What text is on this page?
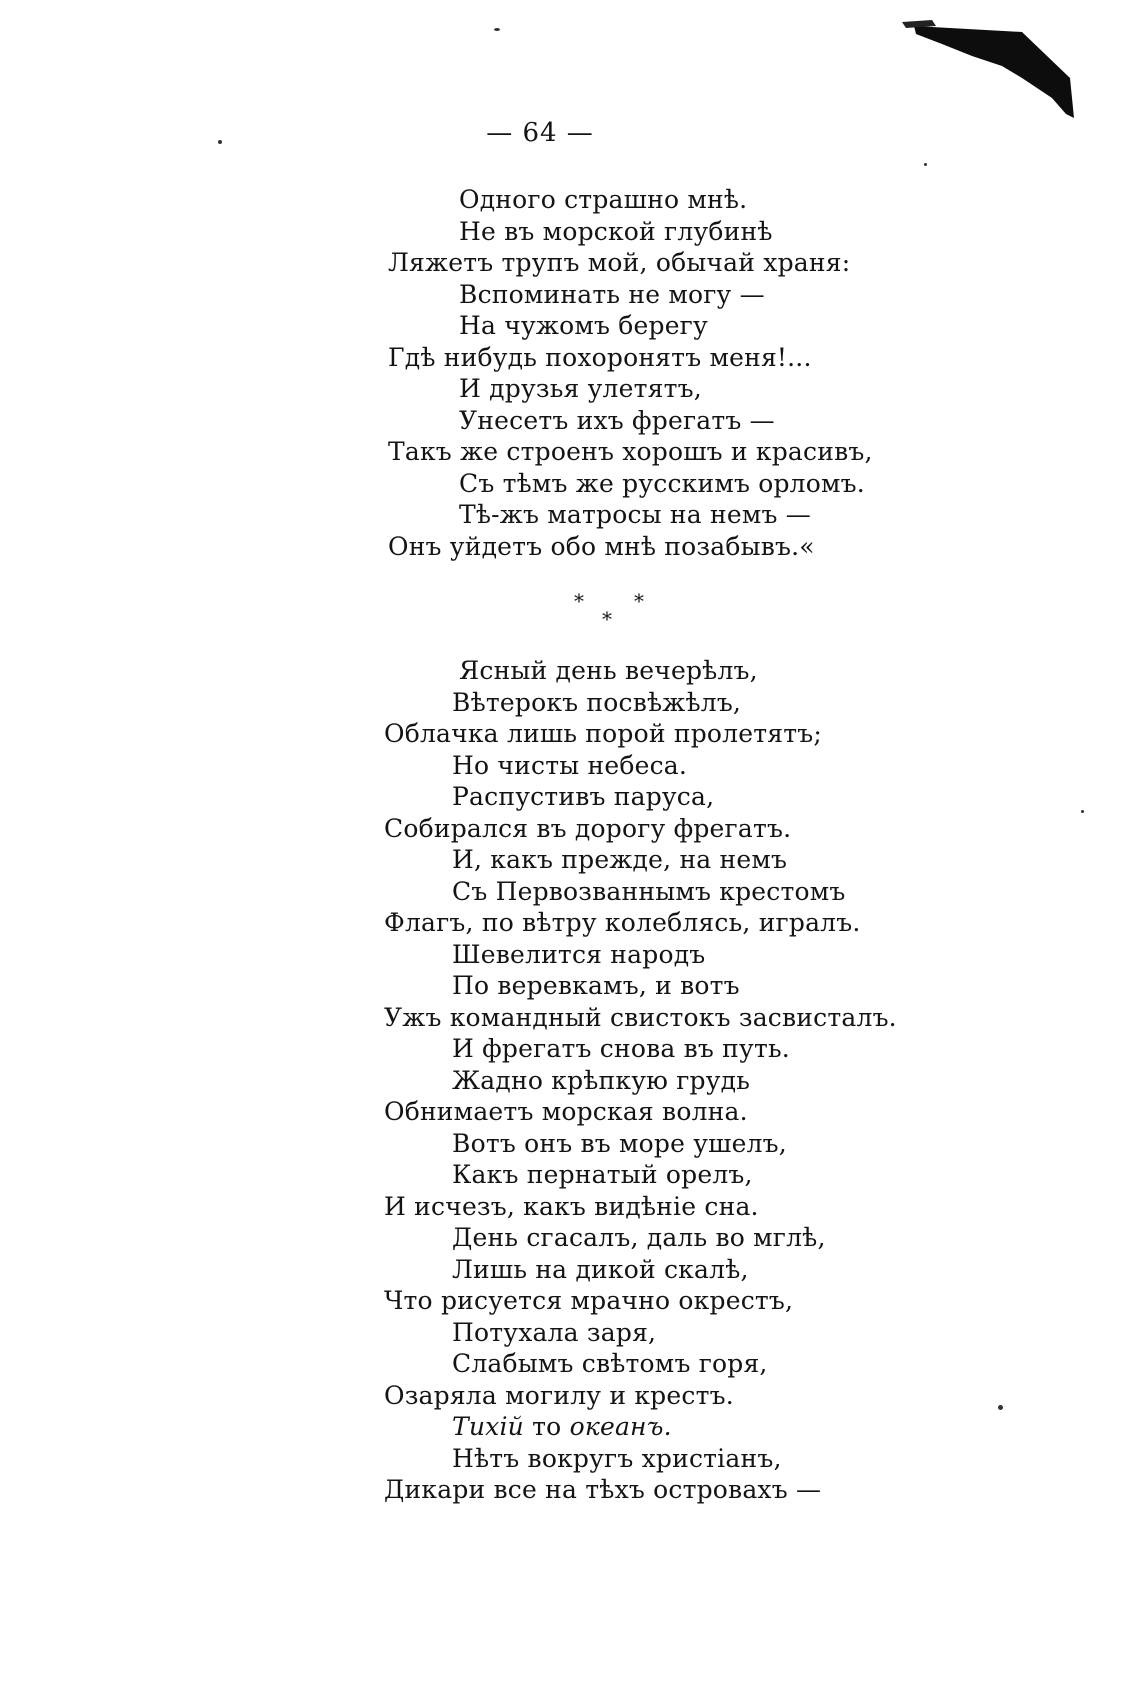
— 64 —
Одного страшно мнѣ.
Не въ морской глубинѣ
Ляжетъ трупъ мой, обычай храня:
Вспоминать не могу —
На чужомъ берегу
Гдѣ нибудь похоронятъ меня!...
И друзья улетятъ,
Унесетъ ихъ фрегатъ —
Такъ же строенъ хорошъ и красивъ,
Съ тѣмъ же русскимъ орломъ.
Тѣ-жъ матросы на немъ —
Онъ уйдетъ обо мнѣ позабывъ.«
*	*
*
Ясный день вечерѣлъ,
Вѣтерокъ посвѣжѣлъ,
Облачка лишь порой пролетятъ;
Но чисты небеса.
Распустивъ паруса,
Собирался въ дорогу фрегатъ.
И, какъ прежде, на немъ
Съ Первозваннымъ крестомъ
Флагъ, по вѣтру колеблясь, игралъ.
Шевелится народъ
По веревкамъ, и вотъ
Ужъ командный свистокъ засвисталъ.
И фрегатъ снова въ путь.
Жадно крѣпкую грудь
Обнимаетъ морская волна.
Вотъ онъ въ море ушелъ,
Какъ пернатый орелъ,
И исчезъ, какъ видѣніе сна.
День сгасалъ, даль во мглѣ,
Лишь на дикой скалѣ,
Что рисуется мрачно окрестъ,
Потухала заря,
Слабымъ свѣтомъ горя,
Озаряла могилу и крестъ.
Тихій то океанъ.
Нѣтъ вокругъ христіанъ,
Дикари все на тѣхъ островахъ —
